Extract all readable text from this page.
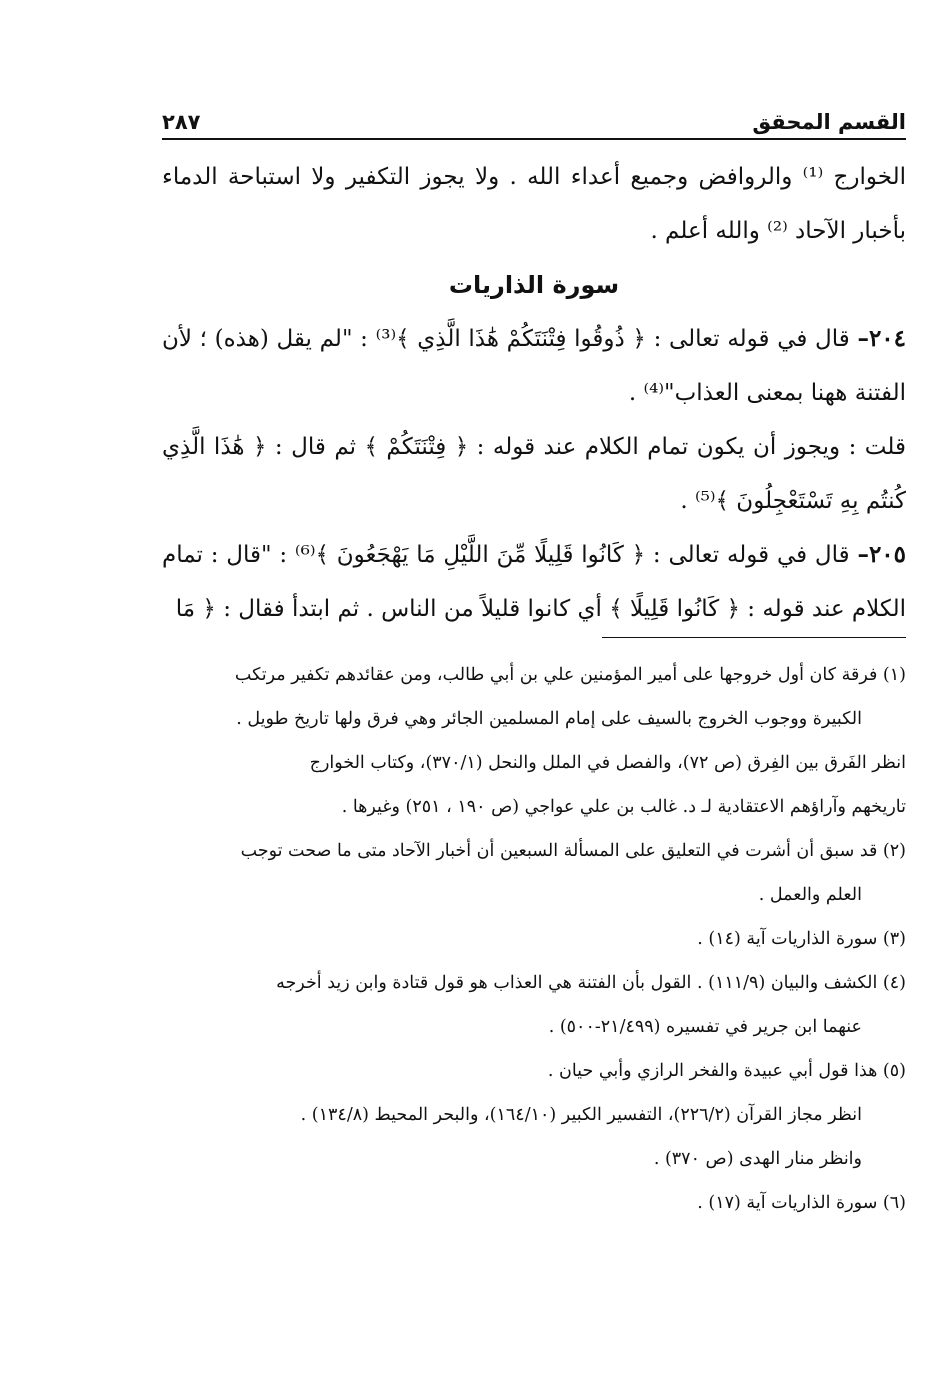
القسم المحقق
٢٨٧

الخوارج ⁽¹⁾ والروافض وجميع أعداء الله . ولا يجوز التكفير ولا استباحة الدماء بأخبار الآحاد ⁽²⁾ والله أعلم .

سورة الذاريات

٢٠٤– قال في قوله تعالى : ﴿ ذُوقُوا فِتْنَتَكُمْ هَٰذَا الَّذِي ﴾⁽³⁾ : "لم يقل (هذه) ؛ لأن الفتنة ههنا بمعنى العذاب"⁽⁴⁾ .

قلت : ويجوز أن يكون تمام الكلام عند قوله : ﴿ فِتْنَتَكُمْ ﴾ ثم قال : ﴿ هَٰذَا الَّذِي كُنتُم بِهِ تَسْتَعْجِلُونَ ﴾⁽⁵⁾ .

٢٠٥– قال في قوله تعالى : ﴿ كَانُوا قَلِيلًا مِّنَ اللَّيْلِ مَا يَهْجَعُونَ ﴾⁽⁶⁾ : "قال : تمام الكلام عند قوله : ﴿ كَانُوا قَلِيلًا ﴾ أي كانوا قليلاً من الناس . ثم ابتدأ فقال : ﴿ مَا

(١) فرقة كان أول خروجها على أمير المؤمنين علي بن أبي طالب، ومن عقائدهم تكفير مرتكب
الكبيرة ووجوب الخروج بالسيف على إمام المسلمين الجائر وهي فرق ولها تاريخ طويل .
انظر الفَرق بين الفِرق (ص ٧٢)، والفصل في الملل والنحل (٣٧٠/١)، وكتاب الخوارج
تاريخهم وآراؤهم الاعتقادية لـ د. غالب بن علي عواجي (ص ١٩٠ ، ٢٥١) وغيرها .
(٢) قد سبق أن أشرت في التعليق على المسألة السبعين أن أخبار الآحاد متى ما صحت توجب
العلم والعمل .
(٣) سورة الذاريات آية (١٤) .
(٤) الكشف والبيان (١١١/٩) . القول بأن الفتنة هي العذاب هو قول قتادة وابن زيد أخرجه
عنهما ابن جرير في تفسيره (٢١/٤٩٩-٥٠٠) .
(٥) هذا قول أبي عبيدة والفخر الرازي وأبي حيان .
انظر مجاز القرآن (٢٢٦/٢)، التفسير الكبير (١٦٤/١٠)، والبحر المحيط (١٣٤/٨) .
وانظر منار الهدى (ص ٣٧٠) .
(٦) سورة الذاريات آية (١٧) .
